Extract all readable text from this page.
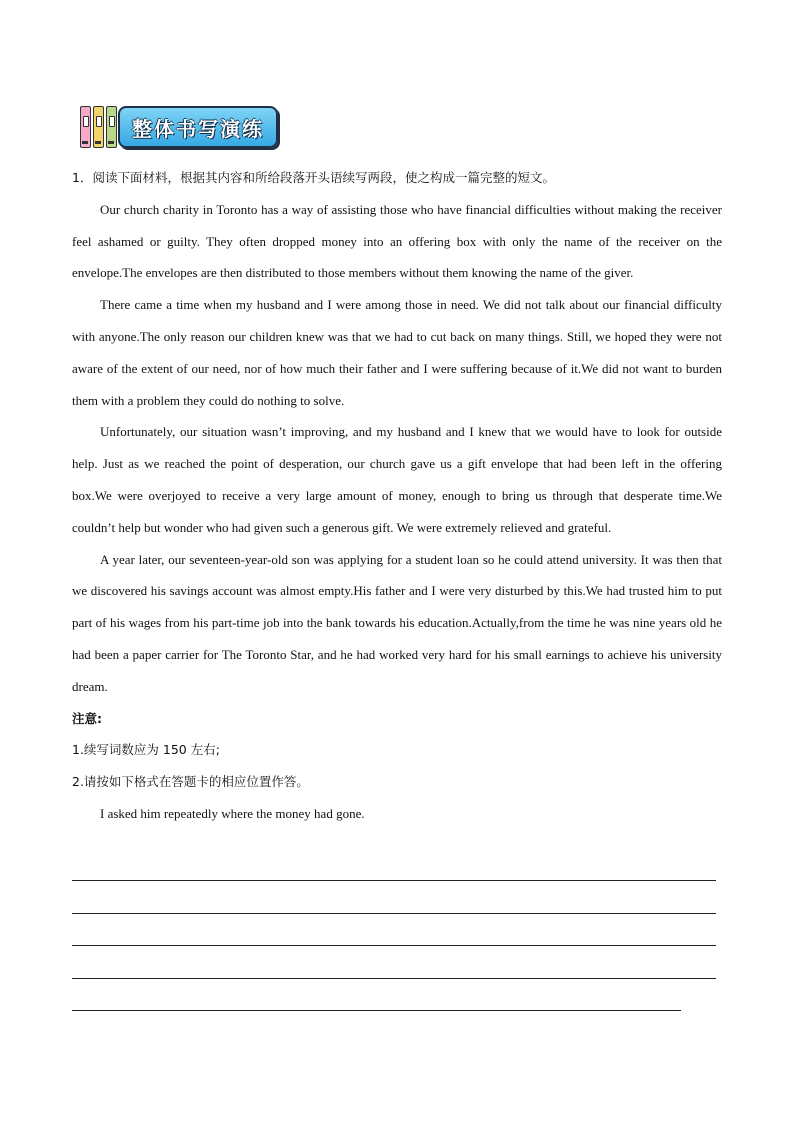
整体书写演练

1．阅读下面材料，根据其内容和所给段落开头语续写两段，使之构成一篇完整的短文。

Our church charity in Toronto has a way of assisting those who have financial difficulties without making the receiver feel ashamed or guilty. They often dropped money into an offering box with only the name of the receiver on the envelope.The envelopes are then distributed to those members without them knowing the name of the giver.

There came a time when my husband and I were among those in need. We did not talk about our financial difficulty with anyone.The only reason our children knew was that we had to cut back on many things. Still, we hoped they were not aware of the extent of our need, nor of how much their father and I were suffering because of it.We did not want to burden them with a problem they could do nothing to solve.

Unfortunately, our situation wasn’t improving, and my husband and I knew that we would have to look for outside help. Just as we reached the point of desperation, our church gave us a gift envelope that had been left in the offering box.We were overjoyed to receive a very large amount of money, enough to bring us through that desperate time.We couldn’t help but wonder who had given such a generous gift. We were extremely relieved and grateful.

A year later, our seventeen-year-old son was applying for a student loan so he could attend university. It was then that we discovered his savings account was almost empty.His father and I were very disturbed by this.We had trusted him to put part of his wages from his part-time job into the bank towards his education.Actually,from the time he was nine years old he had been a paper carrier for The Toronto Star, and he had worked very hard for his small earnings to achieve his university dream.

注意:

1.续写词数应为 150 左右;

2.请按如下格式在答题卡的相应位置作答。

I asked him repeatedly where the money had gone.
